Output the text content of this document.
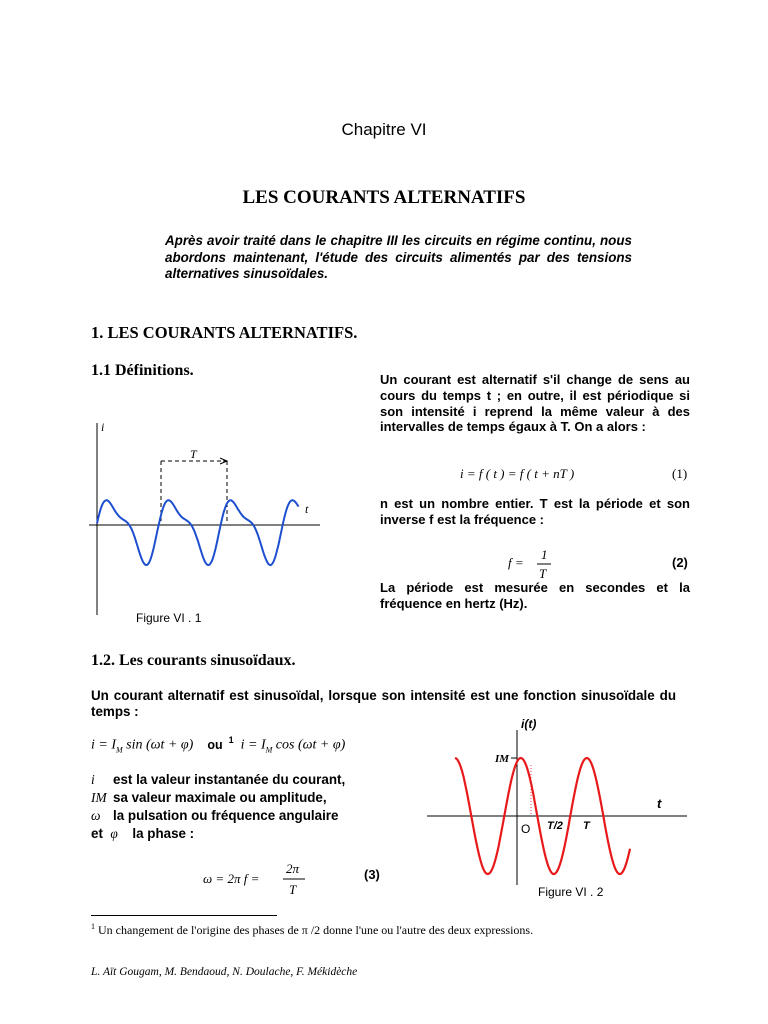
Chapitre VI
LES COURANTS ALTERNATIFS
Après avoir traité dans le chapitre III les circuits en régime continu, nous abordons maintenant, l'étude des circuits alimentés par des tensions alternatives sinusoïdales.
1. LES COURANTS ALTERNATIFS.
1.1 Définitions.
Un courant est alternatif s'il change de sens au cours du temps t ; en outre, il est périodique si son intensité i reprend la même valeur à des intervalles de temps égaux à T. On a alors :
i = f ( t ) = f ( t + nT )	(1)
n est un nombre entier. T est la période et son inverse f est la fréquence :
f =
1
T
(2)
La période est mesurée en secondes et la fréquence en hertz (Hz).
i
t
T
Figure VI . 1
1.2. Les courants sinusoïdaux.
Un courant alternatif est sinusoïdal, lorsque son intensité est une fonction sinusoïdale du temps :
$i = I_M$ sin (ωt + φ) ou $^1$ $i = I_M$ cos (ωt + φ)
i est la valeur instantanée du courant,
IM sa valeur maximale ou amplitude,
ω la pulsation ou fréquence angulaire
et φ la phase :
ω = 2π f =
2π
T
(3)
i(t)
t
IM
O T/2 T
Figure VI . 2
$^1$ Un changement de l'origine des phases de π /2 donne l'une ou l'autre des deux expressions.
L. Aït Gougam, M. Bendaoud, N. Doulache, F. Mékidèche
